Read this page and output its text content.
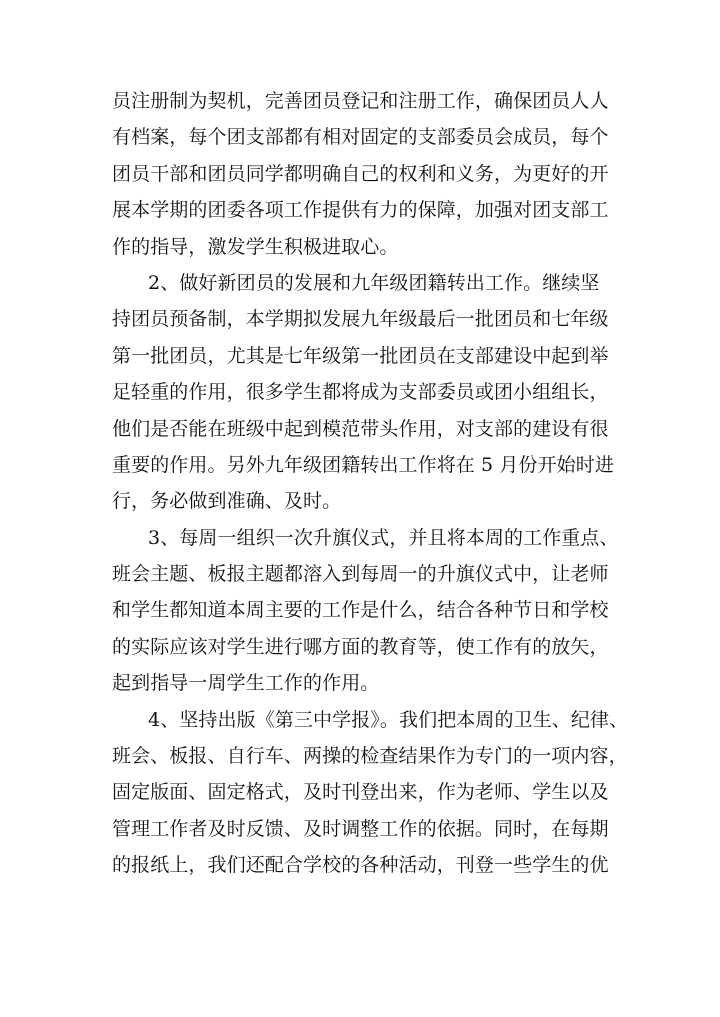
员注册制为契机，完善团员登记和注册工作，确保团员人人
有档案，每个团支部都有相对固定的支部委员会成员，每个
团员干部和团员同学都明确自己的权利和义务，为更好的开
展本学期的团委各项工作提供有力的保障，加强对团支部工
作的指导，激发学生积极进取心。
2、做好新团员的发展和九年级团籍转出工作。继续坚
持团员预备制，本学期拟发展九年级最后一批团员和七年级
第一批团员，尤其是七年级第一批团员在支部建设中起到举
足轻重的作用，很多学生都将成为支部委员或团小组组长，
他们是否能在班级中起到模范带头作用，对支部的建设有很
重要的作用。另外九年级团籍转出工作将在 5 月份开始时进
行，务必做到准确、及时。
3、每周一组织一次升旗仪式，并且将本周的工作重点、
班会主题、板报主题都溶入到每周一的升旗仪式中，让老师
和学生都知道本周主要的工作是什么，结合各种节日和学校
的实际应该对学生进行哪方面的教育等，使工作有的放矢，
起到指导一周学生工作的作用。
4、坚持出版《第三中学报》。我们把本周的卫生、纪律、
班会、板报、自行车、两操的检查结果作为专门的一项内容，
固定版面、固定格式，及时刊登出来，作为老师、学生以及
管理工作者及时反馈、及时调整工作的依据。同时，在每期
的报纸上，我们还配合学校的各种活动，刊登一些学生的优
